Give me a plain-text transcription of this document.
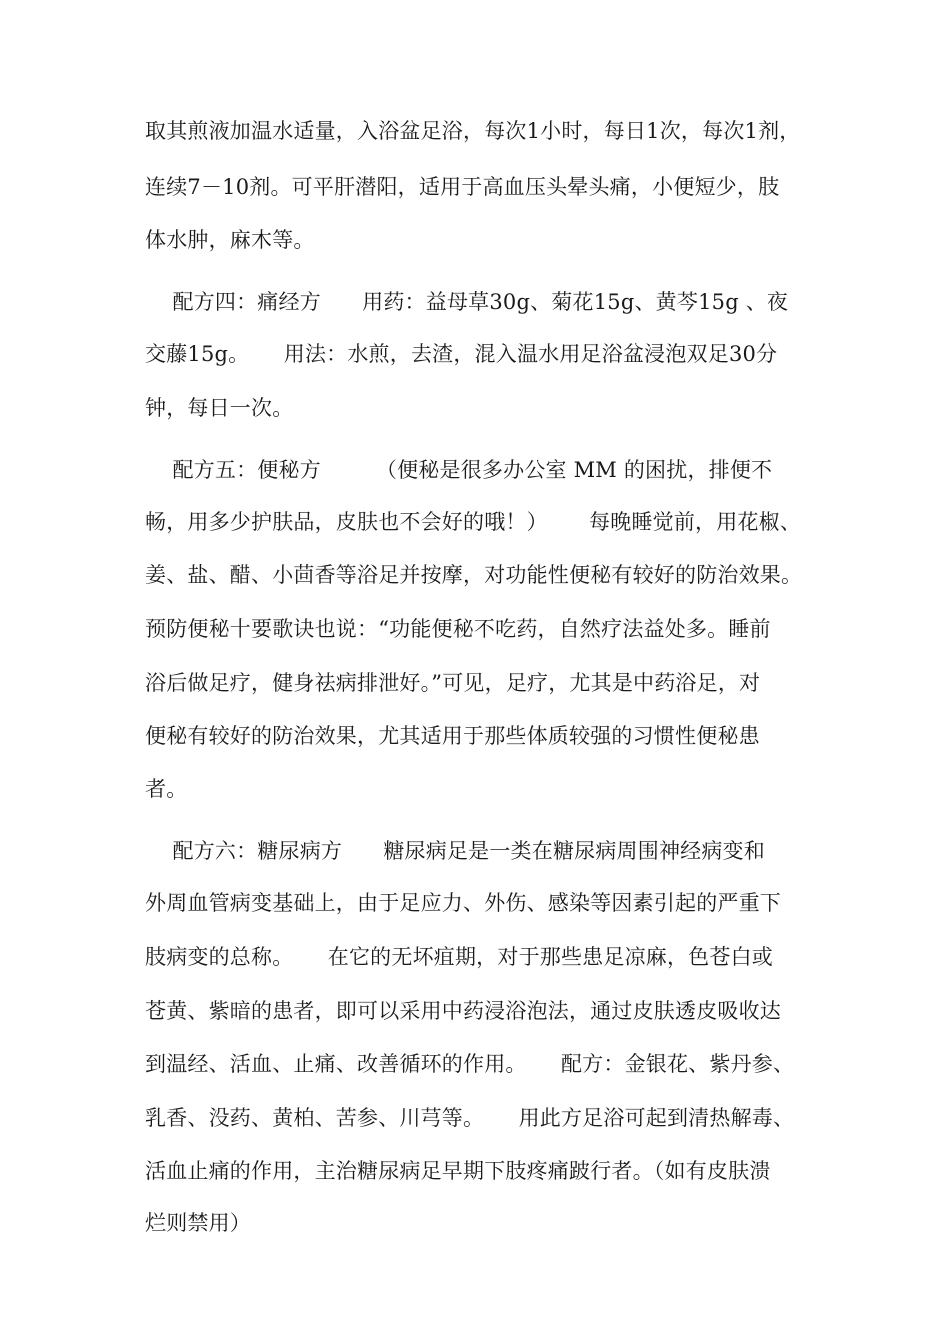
取其煎液加温水适量，入浴盆足浴，每次1小时，每日1次，每次1剂，
连续7－10剂。可平肝潜阳，适用于高血压头晕头痛，小便短少，肢
体水肿，麻木等。
配方四：痛经方      用药：益母草30g、菊花15g、黄芩15g 、夜
交藤15g。     用法：水煎，去渣，混入温水用足浴盆浸泡双足30分
钟，每日一次。
配方五：便秘方        （便秘是很多办公室 MM 的困扰，排便不
畅，用多少护肤品，皮肤也不会好的哦！）      每晚睡觉前，用花椒、
姜、盐、醋、小茴香等浴足并按摩，对功能性便秘有较好的防治效果。
预防便秘十要歌诀也说：“功能便秘不吃药，自然疗法益处多。睡前
浴后做足疗，健身祛病排泄好。”可见，足疗，尤其是中药浴足，对
便秘有较好的防治效果，尤其适用于那些体质较强的习惯性便秘患
者。
配方六：糖尿病方      糖尿病足是一类在糖尿病周围神经病变和
外周血管病变基础上，由于足应力、外伤、感染等因素引起的严重下
肢病变的总称。     在它的无坏疽期，对于那些患足凉麻，色苍白或
苍黄、紫暗的患者，即可以采用中药浸浴泡法，通过皮肤透皮吸收达
到温经、活血、止痛、改善循环的作用。     配方：金银花、紫丹参、
乳香、没药、黄柏、苦参、川芎等。     用此方足浴可起到清热解毒、
活血止痛的作用，主治糖尿病足早期下肢疼痛跛行者。（如有皮肤溃
烂则禁用）
